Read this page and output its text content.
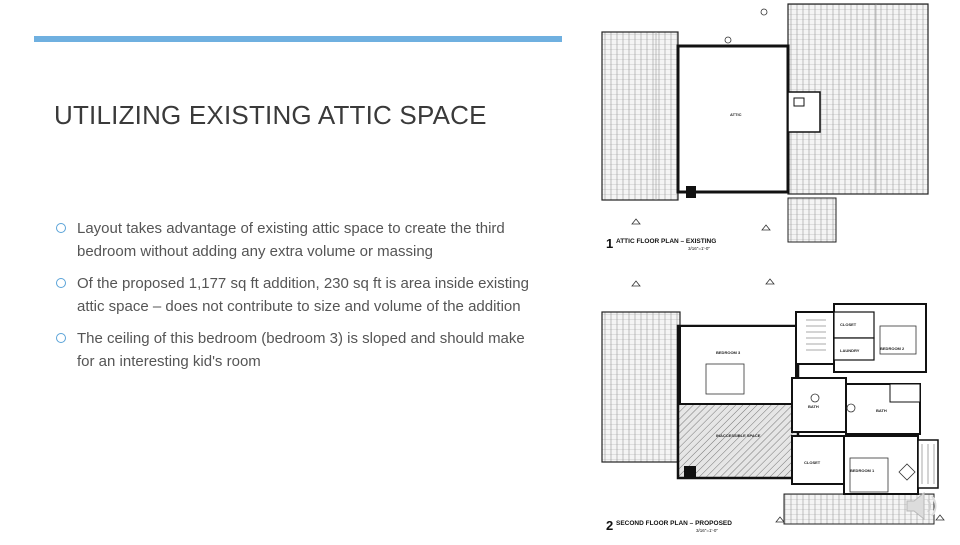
UTILIZING EXISTING ATTIC SPACE
Layout takes advantage of existing attic space to create the third bedroom without adding any extra volume or massing
Of the proposed 1,177 sq ft addition, 230 sq ft is area inside existing attic space – does not contribute to size and volume of the addition
The ceiling of this bedroom (bedroom 3) is sloped and should make for an interesting kid's room
ATTIC
BEDROOM 3
BEDROOM 2
CLOSET
LAUNDRY
BATH
BATH
INACCESSIBLE SPACE
CLOSET
BEDROOM 1
1 ATTIC FLOOR PLAN – EXISTING
3/16"=1'-0"
2 SECOND FLOOR PLAN – PROPOSED
3/16"=1'-0"
